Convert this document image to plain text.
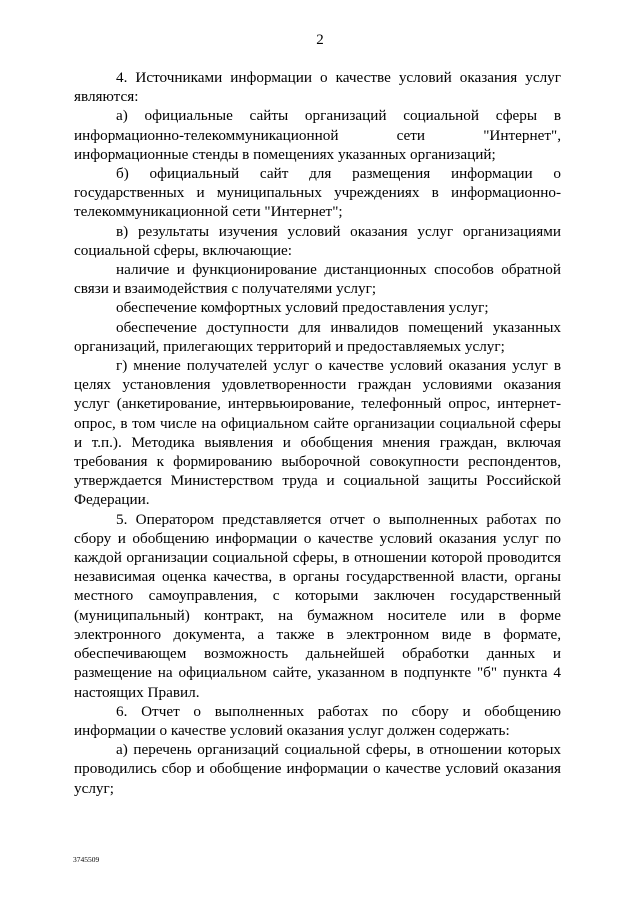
2

4. Источниками информации о качестве условий оказания услуг являются:

а) официальные сайты организаций социальной сферы в информационно-телекоммуникационной сети "Интернет", информационные стенды в помещениях указанных организаций;

б) официальный сайт для размещения информации о государственных и муниципальных учреждениях в информационно-телекоммуникационной сети "Интернет";

в) результаты изучения условий оказания услуг организациями социальной сферы, включающие:

наличие и функционирование дистанционных способов обратной связи и взаимодействия с получателями услуг;

обеспечение комфортных условий предоставления услуг;

обеспечение доступности для инвалидов помещений указанных организаций, прилегающих территорий и предоставляемых услуг;

г) мнение получателей услуг о качестве условий оказания услуг в целях установления удовлетворенности граждан условиями оказания услуг (анкетирование, интервьюирование, телефонный опрос, интернет-опрос, в том числе на официальном сайте организации социальной сферы и т.п.). Методика выявления и обобщения мнения граждан, включая требования к формированию выборочной совокупности респондентов, утверждается Министерством труда и социальной защиты Российской Федерации.

5. Оператором представляется отчет о выполненных работах по сбору и обобщению информации о качестве условий оказания услуг по каждой организации социальной сферы, в отношении которой проводится независимая оценка качества, в органы государственной власти, органы местного самоуправления, с которыми заключен государственный (муниципальный) контракт, на бумажном носителе или в форме электронного документа, а также в электронном виде в формате, обеспечивающем возможность дальнейшей обработки данных и размещение на официальном сайте, указанном в подпункте "б" пункта 4 настоящих Правил.

6. Отчет о выполненных работах по сбору и обобщению информации о качестве условий оказания услуг должен содержать:

а) перечень организаций социальной сферы, в отношении которых проводились сбор и обобщение информации о качестве условий оказания услуг;

3745509
